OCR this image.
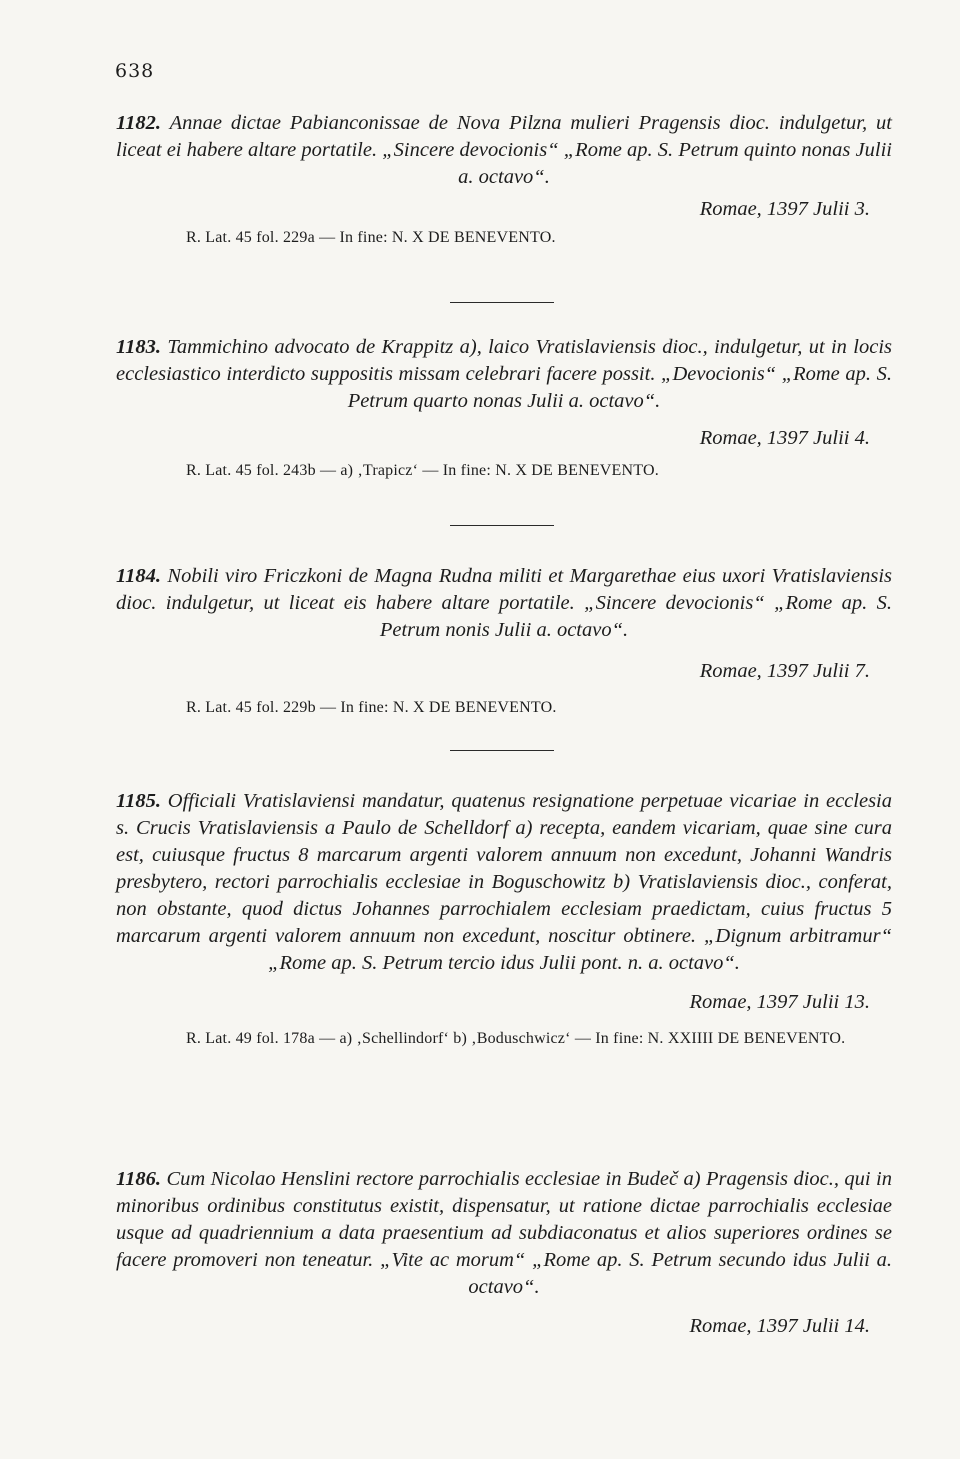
638

1182. Annae dictae Pabianconissae de Nova Pilzna mulieri Pragensis dioc. indulgetur, ut liceat ei habere altare portatile. „Sincere devocionis“ „Rome ap. S. Petrum quinto nonas Julii a. octavo“.

Romae, 1397 Julii 3.

R. Lat. 45 fol. 229a — In fine: N. X DE BENEVENTO.

1183. Tammichino advocato de Krappitz a), laico Vratislaviensis dioc., indulgetur, ut in locis ecclesiastico interdicto suppositis missam celebrari facere possit. „Devocionis“ „Rome ap. S. Petrum quarto nonas Julii a. octavo“.

Romae, 1397 Julii 4.

R. Lat. 45 fol. 243b — a) ‚Trapicz‘ — In fine: N. X DE BENEVENTO.

1184. Nobili viro Friczkoni de Magna Rudna militi et Margarethae eius uxori Vratislaviensis dioc. indulgetur, ut liceat eis habere altare portatile. „Sincere devocionis“ „Rome ap. S. Petrum nonis Julii a. octavo“.

Romae, 1397 Julii 7.

R. Lat. 45 fol. 229b — In fine: N. X DE BENEVENTO.

1185. Officiali Vratislaviensi mandatur, quatenus resignatione perpetuae vicariae in ecclesia s. Crucis Vratislaviensis a Paulo de Schelldorf a) recepta, eandem vicariam, quae sine cura est, cuiusque fructus 8 marcarum argenti valorem annuum non excedunt, Johanni Wandris presbytero, rectori parrochialis ecclesiae in Boguschowitz b) Vratislaviensis dioc., conferat, non obstante, quod dictus Johannes parrochialem ecclesiam praedictam, cuius fructus 5 marcarum argenti valorem annuum non excedunt, noscitur obtinere. „Dignum arbitramur“ „Rome ap. S. Petrum tercio idus Julii pont. n. a. octavo“.

Romae, 1397 Julii 13.

R. Lat. 49 fol. 178a — a) ‚Schellindorf‘ b) ‚Boduschwicz‘ — In fine: N. XXIIII DE BENEVENTO.

1186. Cum Nicolao Henslini rectore parrochialis ecclesiae in Budeč a) Pragensis dioc., qui in minoribus ordinibus constitutus existit, dispensatur, ut ratione dictae parrochialis ecclesiae usque ad quadriennium a data praesentium ad subdiaconatus et alios superiores ordines se facere promoveri non teneatur. „Vite ac morum“ „Rome ap. S. Petrum secundo idus Julii a. octavo“.

Romae, 1397 Julii 14.
